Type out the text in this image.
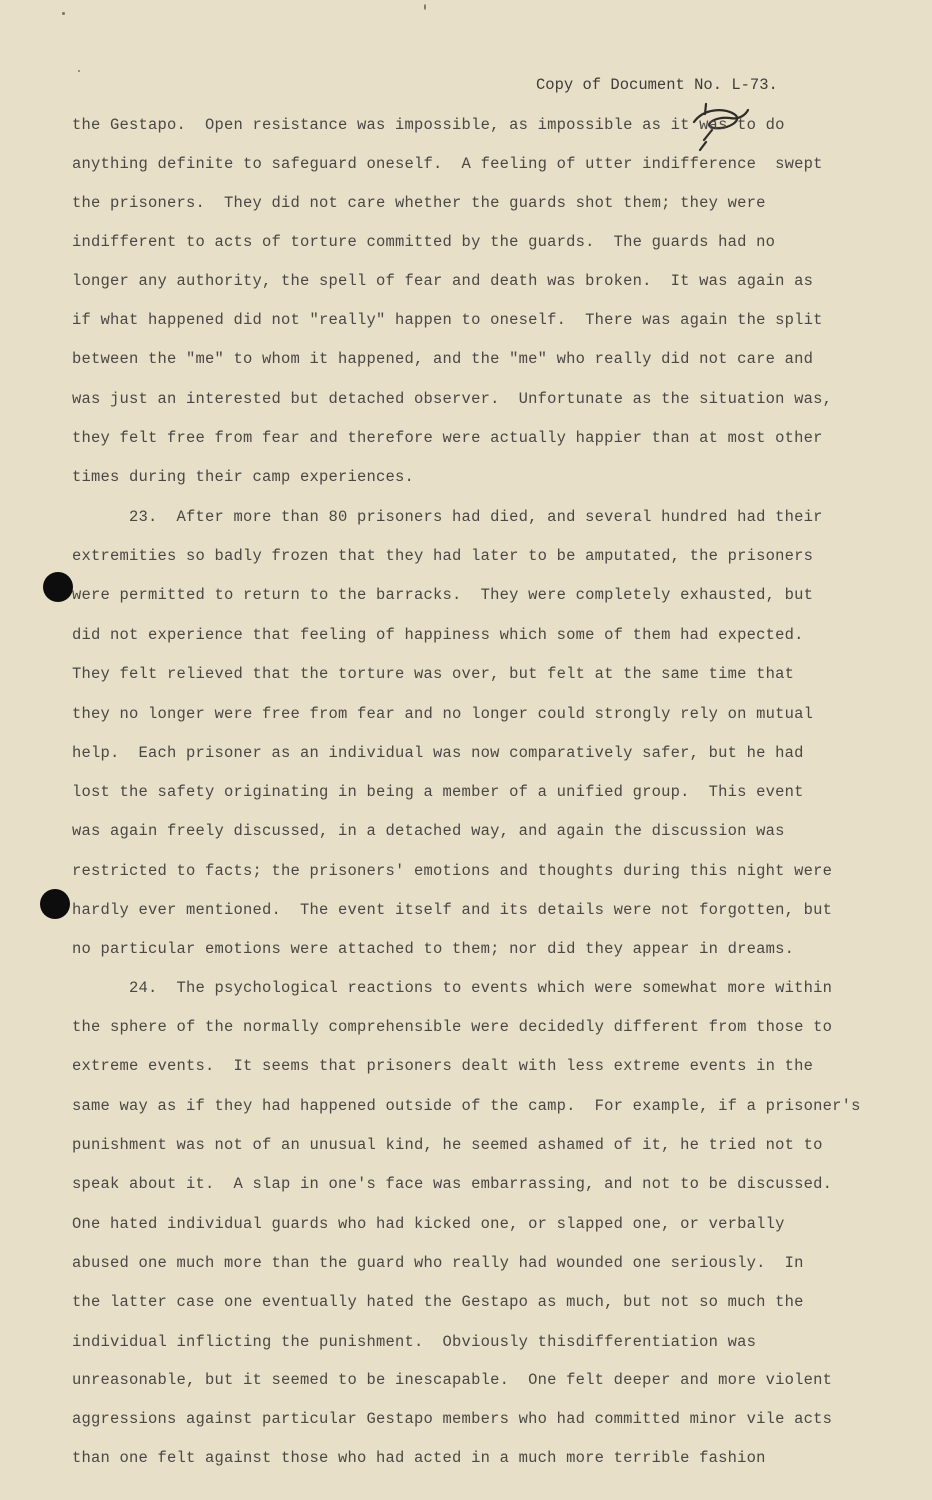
Copy of Document No. L-73.
the Gestapo.  Open resistance was impossible, as impossible as it was to do
anything definite to safeguard oneself.  A feeling of utter indifference  swept
the prisoners.  They did not care whether the guards shot them; they were
indifferent to acts of torture committed by the guards.  The guards had no
longer any authority, the spell of fear and death was broken.  It was again as
if what happened did not "really" happen to oneself.  There was again the split
between the "me" to whom it happened, and the "me" who really did not care and
was just an interested but detached observer.  Unfortunate as the situation was,
they felt free from fear and therefore were actually happier than at most other
times during their camp experiences.
23.  After more than 80 prisoners had died, and several hundred had their
extremities so badly frozen that they had later to be amputated, the prisoners
were permitted to return to the barracks.  They were completely exhausted, but
did not experience that feeling of happiness which some of them had expected.
They felt relieved that the torture was over, but felt at the same time that
they no longer were free from fear and no longer could strongly rely on mutual
help.  Each prisoner as an individual was now comparatively safer, but he had
lost the safety originating in being a member of a unified group.  This event
was again freely discussed, in a detached way, and again the discussion was
restricted to facts; the prisoners' emotions and thoughts during this night were
hardly ever mentioned.  The event itself and its details were not forgotten, but
no particular emotions were attached to them; nor did they appear in dreams.
24.  The psychological reactions to events which were somewhat more within
the sphere of the normally comprehensible were decidedly different from those to
extreme events.  It seems that prisoners dealt with less extreme events in the
same way as if they had happened outside of the camp.  For example, if a prisoner's
punishment was not of an unusual kind, he seemed ashamed of it, he tried not to
speak about it.  A slap in one's face was embarrassing, and not to be discussed.
One hated individual guards who had kicked one, or slapped one, or verbally
abused one much more than the guard who really had wounded one seriously.  In
the latter case one eventually hated the Gestapo as much, but not so much the
individual inflicting the punishment.  Obviously thisdifferentiation was
unreasonable, but it seemed to be inescapable.  One felt deeper and more violent
aggressions against particular Gestapo members who had committed minor vile acts
than one felt against those who had acted in a much more terrible fashion
